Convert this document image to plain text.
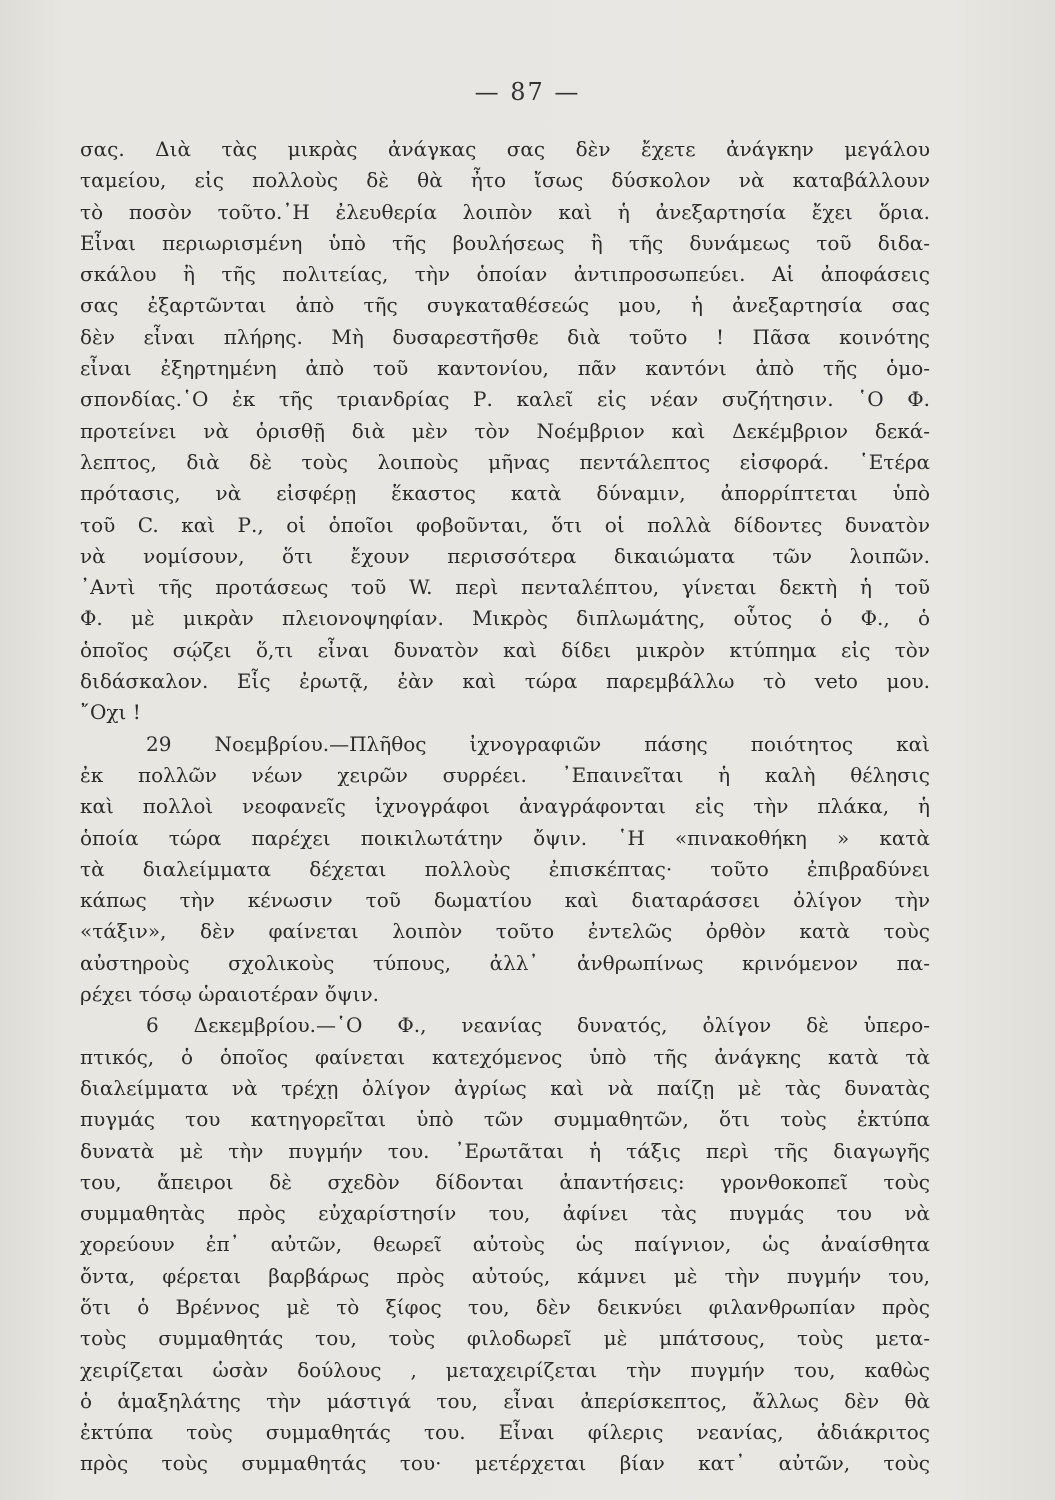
— 87 —
σας. Διὰ τὰς μικρὰς ἀνάγκας σας δὲν ἔχετε ἀνάγκην μεγάλου
ταμείου, εἰς πολλοὺς δὲ θὰ ἦτο ἴσως δύσκολον νὰ καταβάλλουν
τὸ ποσὸν τοῦτο.᾿Η ἐλευθερία λοιπὸν καὶ ἡ ἀνεξαρτησία ἔχει ὅρια.
Εἶναι περιωρισμένη ὑπὸ τῆς βουλήσεως ἢ τῆς δυνάμεως τοῦ διδα-
σκάλου ἢ τῆς πολιτείας, τὴν ὁποίαν ἀντιπροσωπεύει. Αἱ ἀποφάσεις
σας ἐξαρτῶνται ἀπὸ τῆς συγκαταθέσεώς μου, ἡ ἀνεξαρτησία σας
δὲν εἶναι πλήρης. Μὴ δυσαρεστῆσθε διὰ τοῦτο ! Πᾶσα κοινότης
εἶναι ἐξηρτημένη ἀπὸ τοῦ καντονίου, πᾶν καντόνι ἀπὸ τῆς ὁμο-
σπονδίας.῾Ο ἐκ τῆς τριανδρίας Ρ. καλεῖ εἰς νέαν συζήτησιν. ῾Ο Φ.
προτείνει νὰ ὁρισθῇ διὰ μὲν τὸν Νοέμβριον καὶ Δεκέμβριον δεκά-
λεπτος, διὰ δὲ τοὺς λοιποὺς μῆνας πεντάλεπτος εἰσφορά. ῾Ετέρα
πρότασις, νὰ εἰσφέρῃ ἕκαστος κατὰ δύναμιν, ἀπορρίπτεται ὑπὸ
τοῦ C. καὶ Ρ., οἱ ὁποῖοι φοβοῦνται, ὅτι οἱ πολλὰ δίδοντες δυνατὸν
νὰ νομίσουν, ὅτι ἔχουν περισσότερα δικαιώματα τῶν λοιπῶν.
᾿Αντὶ τῆς προτάσεως τοῦ W. περὶ πενταλέπτου, γίνεται δεκτὴ ἡ τοῦ
Φ. μὲ μικρὰν πλειονοψηφίαν. Μικρὸς διπλωμάτης, οὗτος ὁ Φ., ὁ
ὁποῖος σῴζει ὅ,τι εἶναι δυνατὸν καὶ δίδει μικρὸν κτύπημα εἰς τὸν
διδάσκαλον. Εἷς ἐρωτᾷ, ἐὰν καὶ τώρα παρεμβάλλω τὸ veto μου.
῎Οχι !
29 Νοεμβρίου.—Πλῆθος ἰχνογραφιῶν πάσης ποιότητος καὶ
ἐκ πολλῶν νέων χειρῶν συρρέει. ᾿Επαινεῖται ἡ καλὴ θέλησις
καὶ πολλοὶ νεοφανεῖς ἰχνογράφοι ἀναγράφονται εἰς τὴν πλάκα, ἡ
ὁποία τώρα παρέχει ποικιλωτάτην ὄψιν. ῾Η «πινακοθήκη » κατὰ
τὰ διαλείμματα δέχεται πολλοὺς ἐπισκέπτας· τοῦτο ἐπιβραδύνει
κάπως τὴν κένωσιν τοῦ δωματίου καὶ διαταράσσει ὀλίγον τὴν
«τάξιν», δὲν φαίνεται λοιπὸν τοῦτο ἐντελῶς ὀρθὸν κατὰ τοὺς
αὐστηροὺς σχολικοὺς τύπους, ἀλλ᾿ ἀνθρωπίνως κρινόμενον πα-
ρέχει τόσῳ ὡραιοτέραν ὄψιν.
6 Δεκεμβρίου.—῾Ο Φ., νεανίας δυνατός, ὀλίγον δὲ ὑπερο-
πτικός, ὁ ὁποῖος φαίνεται κατεχόμενος ὑπὸ τῆς ἀνάγκης κατὰ τὰ
διαλείμματα νὰ τρέχῃ ὀλίγον ἀγρίως καὶ νὰ παίζῃ μὲ τὰς δυνατὰς
πυγμάς του κατηγορεῖται ὑπὸ τῶν συμμαθητῶν, ὅτι τοὺς ἐκτύπα
δυνατὰ μὲ τὴν πυγμήν του. ᾿Ερωτᾶται ἡ τάξις περὶ τῆς διαγωγῆς
του, ἄπειροι δὲ σχεδὸν δίδονται ἀπαντήσεις: γρονθοκοπεῖ τοὺς
συμμαθητὰς πρὸς εὐχαρίστησίν του, ἀφίνει τὰς πυγμάς του νὰ
χορεύουν ἐπ᾿ αὐτῶν, θεωρεῖ αὐτοὺς ὡς παίγνιον, ὡς ἀναίσθητα
ὄντα, φέρεται βαρβάρως πρὸς αὐτούς, κάμνει μὲ τὴν πυγμήν του,
ὅτι ὁ Βρέννος μὲ τὸ ξίφος του, δὲν δεικνύει φιλανθρωπίαν πρὸς
τοὺς συμμαθητάς του, τοὺς φιλοδωρεῖ μὲ μπάτσους, τοὺς μετα-
χειρίζεται ὡσὰν δούλους , μεταχειρίζεται τὴν πυγμήν του, καθὼς
ὁ ἁμαξηλάτης τὴν μάστιγά του, εἶναι ἀπερίσκεπτος, ἄλλως δὲν θὰ
ἐκτύπα τοὺς συμμαθητάς του. Εἶναι φίλερις νεανίας, ἀδιάκριτος
πρὸς τοὺς συμμαθητάς του· μετέρχεται βίαν κατ᾿ αὐτῶν, τοὺς
